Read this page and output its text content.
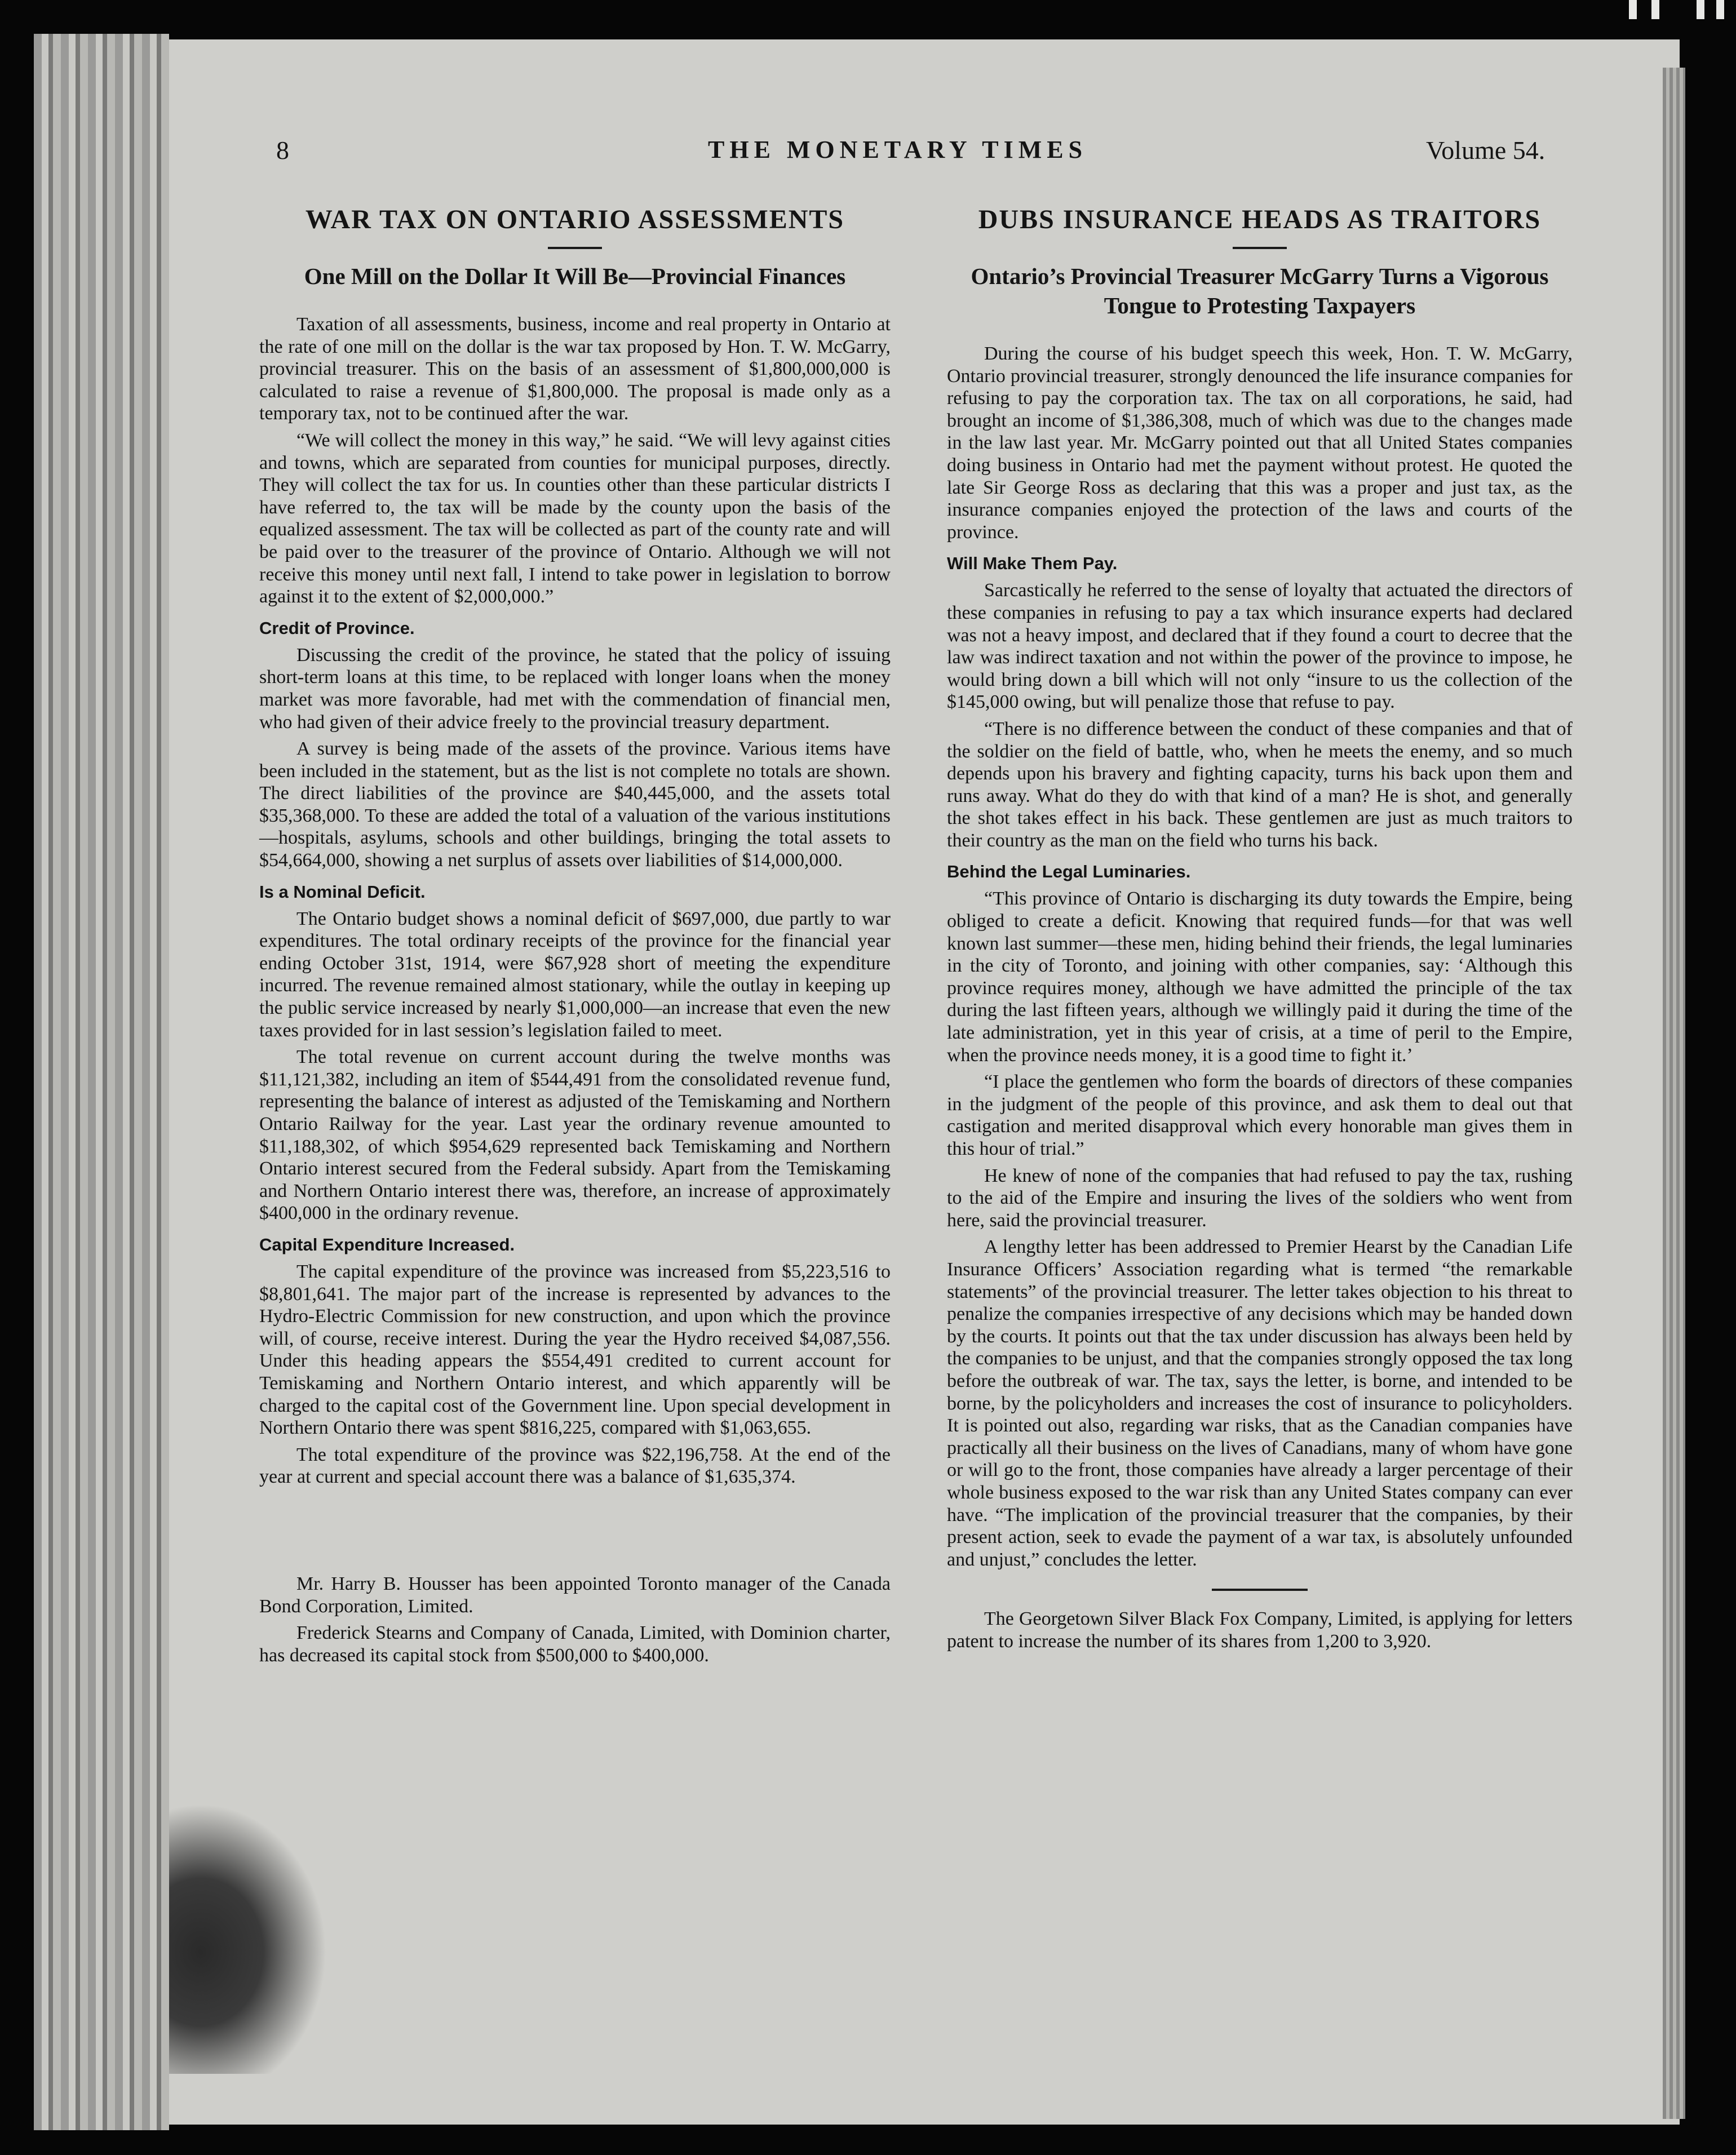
8	THE MONETARY TIMES	Volume 54.
WAR TAX ON ONTARIO ASSESSMENTS
One Mill on the Dollar It Will Be—Provincial Finances

Taxation of all assessments, business, income and real property in Ontario at the rate of one mill on the dollar is the war tax proposed by Hon. T. W. McGarry, provincial treasurer. This on the basis of an assessment of $1,800,000,000 is calculated to raise a revenue of $1,800,000. The proposal is made only as a temporary tax, not to be continued after the war.

“We will collect the money in this way,” he said. “We will levy against cities and towns, which are separated from counties for municipal purposes, directly. They will collect the tax for us. In counties other than these particular districts I have referred to, the tax will be made by the county upon the basis of the equalized assessment. The tax will be collected as part of the county rate and will be paid over to the treasurer of the province of Ontario. Although we will not receive this money until next fall, I intend to take power in legislation to borrow against it to the extent of $2,000,000.”

Credit of Province.

Discussing the credit of the province, he stated that the policy of issuing short-term loans at this time, to be replaced with longer loans when the money market was more favorable, had met with the commendation of financial men, who had given of their advice freely to the provincial treasury department.

A survey is being made of the assets of the province. Various items have been included in the statement, but as the list is not complete no totals are shown. The direct liabilities of the province are $40,445,000, and the assets total $35,368,000. To these are added the total of a valuation of the various institutions—hospitals, asylums, schools and other buildings, bringing the total assets to $54,664,000, showing a net surplus of assets over liabilities of $14,000,000.

Is a Nominal Deficit.

The Ontario budget shows a nominal deficit of $697,000, due partly to war expenditures. The total ordinary receipts of the province for the financial year ending October 31st, 1914, were $67,928 short of meeting the expenditure incurred. The revenue remained almost stationary, while the outlay in keeping up the public service increased by nearly $1,000,000—an increase that even the new taxes provided for in last session’s legislation failed to meet.

The total revenue on current account during the twelve months was $11,121,382, including an item of $544,491 from the consolidated revenue fund, representing the balance of interest as adjusted of the Temiskaming and Northern Ontario Railway for the year. Last year the ordinary revenue amounted to $11,188,302, of which $954,629 represented back Temiskaming and Northern Ontario interest secured from the Federal subsidy. Apart from the Temiskaming and Northern Ontario interest there was, therefore, an increase of approximately $400,000 in the ordinary revenue.

Capital Expenditure Increased.

The capital expenditure of the province was increased from $5,223,516 to $8,801,641. The major part of the increase is represented by advances to the Hydro-Electric Commission for new construction, and upon which the province will, of course, receive interest. During the year the Hydro received $4,087,556. Under this heading appears the $554,491 credited to current account for Temiskaming and Northern Ontario interest, and which apparently will be charged to the capital cost of the Government line. Upon special development in Northern Ontario there was spent $816,225, compared with $1,063,655.

The total expenditure of the province was $22,196,758. At the end of the year at current and special account there was a balance of $1,635,374.

Mr. Harry B. Housser has been appointed Toronto manager of the Canada Bond Corporation, Limited.

Frederick Stearns and Company of Canada, Limited, with Dominion charter, has decreased its capital stock from $500,000 to $400,000.

DUBS INSURANCE HEADS AS TRAITORS
Ontario’s Provincial Treasurer McGarry Turns a Vigorous Tongue to Protesting Taxpayers

During the course of his budget speech this week, Hon. T. W. McGarry, Ontario provincial treasurer, strongly denounced the life insurance companies for refusing to pay the corporation tax. The tax on all corporations, he said, had brought an income of $1,386,308, much of which was due to the changes made in the law last year. Mr. McGarry pointed out that all United States companies doing business in Ontario had met the payment without protest. He quoted the late Sir George Ross as declaring that this was a proper and just tax, as the insurance companies enjoyed the protection of the laws and courts of the province.

Will Make Them Pay.

Sarcastically he referred to the sense of loyalty that actuated the directors of these companies in refusing to pay a tax which insurance experts had declared was not a heavy impost, and declared that if they found a court to decree that the law was indirect taxation and not within the power of the province to impose, he would bring down a bill which will not only “insure to us the collection of the $145,000 owing, but will penalize those that refuse to pay.

“There is no difference between the conduct of these companies and that of the soldier on the field of battle, who, when he meets the enemy, and so much depends upon his bravery and fighting capacity, turns his back upon them and runs away. What do they do with that kind of a man? He is shot, and generally the shot takes effect in his back. These gentlemen are just as much traitors to their country as the man on the field who turns his back.

Behind the Legal Luminaries.

“This province of Ontario is discharging its duty towards the Empire, being obliged to create a deficit. Knowing that required funds—for that was well known last summer—these men, hiding behind their friends, the legal luminaries in the city of Toronto, and joining with other companies, say: ‘Although this province requires money, although we have admitted the principle of the tax during the last fifteen years, although we willingly paid it during the time of the late administration, yet in this year of crisis, at a time of peril to the Empire, when the province needs money, it is a good time to fight it.’

“I place the gentlemen who form the boards of directors of these companies in the judgment of the people of this province, and ask them to deal out that castigation and merited disapproval which every honorable man gives them in this hour of trial.”

He knew of none of the companies that had refused to pay the tax, rushing to the aid of the Empire and insuring the lives of the soldiers who went from here, said the provincial treasurer.

A lengthy letter has been addressed to Premier Hearst by the Canadian Life Insurance Officers’ Association regarding what is termed “the remarkable statements” of the provincial treasurer. The letter takes objection to his threat to penalize the companies irrespective of any decisions which may be handed down by the courts. It points out that the tax under discussion has always been held by the companies to be unjust, and that the companies strongly opposed the tax long before the outbreak of war. The tax, says the letter, is borne, and intended to be borne, by the policyholders and increases the cost of insurance to policyholders. It is pointed out also, regarding war risks, that as the Canadian companies have practically all their business on the lives of Canadians, many of whom have gone or will go to the front, those companies have already a larger percentage of their whole business exposed to the war risk than any United States company can ever have. “The implication of the provincial treasurer that the companies, by their present action, seek to evade the payment of a war tax, is absolutely unfounded and unjust,” concludes the letter.

The Georgetown Silver Black Fox Company, Limited, is applying for letters patent to increase the number of its shares from 1,200 to 3,920.
